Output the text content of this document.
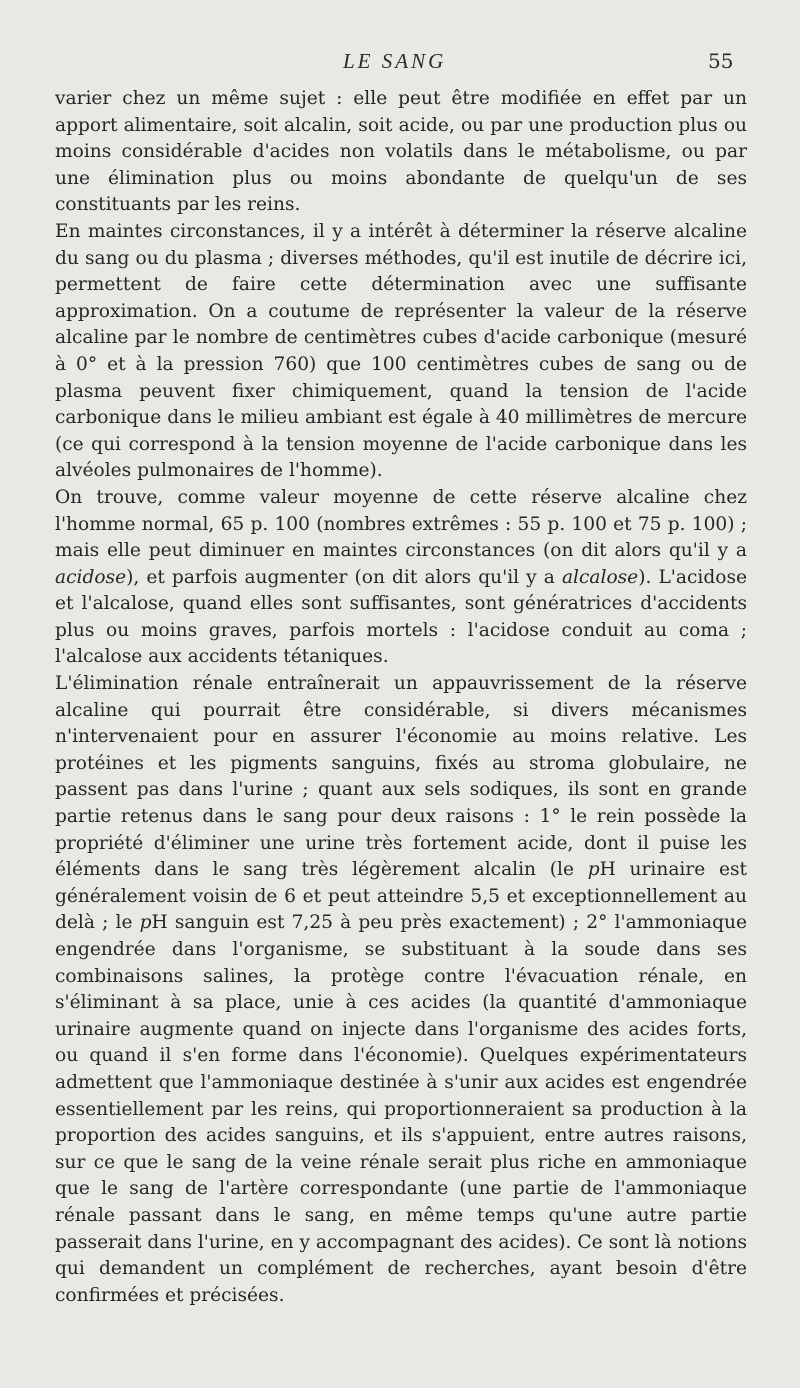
LE SANG	55

varier chez un même sujet : elle peut être modifiée en effet par un apport alimentaire, soit alcalin, soit acide, ou par une production plus ou moins considérable d'acides non volatils dans le métabolisme, ou par une élimination plus ou moins abondante de quelqu'un de ses constituants par les reins.

En maintes circonstances, il y a intérêt à déterminer la réserve alcaline du sang ou du plasma ; diverses méthodes, qu'il est inutile de décrire ici, permettent de faire cette détermination avec une suffisante approximation. On a coutume de représenter la valeur de la réserve alcaline par le nombre de centimètres cubes d'acide carbonique (mesuré à 0° et à la pression 760) que 100 centimètres cubes de sang ou de plasma peuvent fixer chimiquement, quand la tension de l'acide carbonique dans le milieu ambiant est égale à 40 millimètres de mercure (ce qui correspond à la tension moyenne de l'acide carbonique dans les alvéoles pulmonaires de l'homme).

On trouve, comme valeur moyenne de cette réserve alcaline chez l'homme normal, 65 p. 100 (nombres extrêmes : 55 p. 100 et 75 p. 100) ; mais elle peut diminuer en maintes circonstances (on dit alors qu'il y a acidose), et parfois augmenter (on dit alors qu'il y a alcalose). L'acidose et l'alcalose, quand elles sont suffisantes, sont génératrices d'accidents plus ou moins graves, parfois mortels : l'acidose conduit au coma ; l'alcalose aux accidents tétaniques.

L'élimination rénale entraînerait un appauvrissement de la réserve alcaline qui pourrait être considérable, si divers mécanismes n'intervenaient pour en assurer l'économie au moins relative. Les protéines et les pigments sanguins, fixés au stroma globulaire, ne passent pas dans l'urine ; quant aux sels sodiques, ils sont en grande partie retenus dans le sang pour deux raisons : 1° le rein possède la propriété d'éliminer une urine très fortement acide, dont il puise les éléments dans le sang très légèrement alcalin (le pH urinaire est généralement voisin de 6 et peut atteindre 5,5 et exceptionnellement au delà ; le pH sanguin est 7,25 à peu près exactement) ; 2° l'ammoniaque engendrée dans l'organisme, se substituant à la soude dans ses combinaisons salines, la protège contre l'évacuation rénale, en s'éliminant à sa place, unie à ces acides (la quantité d'ammoniaque urinaire augmente quand on injecte dans l'organisme des acides forts, ou quand il s'en forme dans l'économie). Quelques expérimentateurs admettent que l'ammoniaque destinée à s'unir aux acides est engendrée essentiellement par les reins, qui proportionneraient sa production à la proportion des acides sanguins, et ils s'appuient, entre autres raisons, sur ce que le sang de la veine rénale serait plus riche en ammoniaque que le sang de l'artère correspondante (une partie de l'ammoniaque rénale passant dans le sang, en même temps qu'une autre partie passerait dans l'urine, en y accompagnant des acides). Ce sont là notions qui demandent un complément de recherches, ayant besoin d'être confirmées et précisées.
